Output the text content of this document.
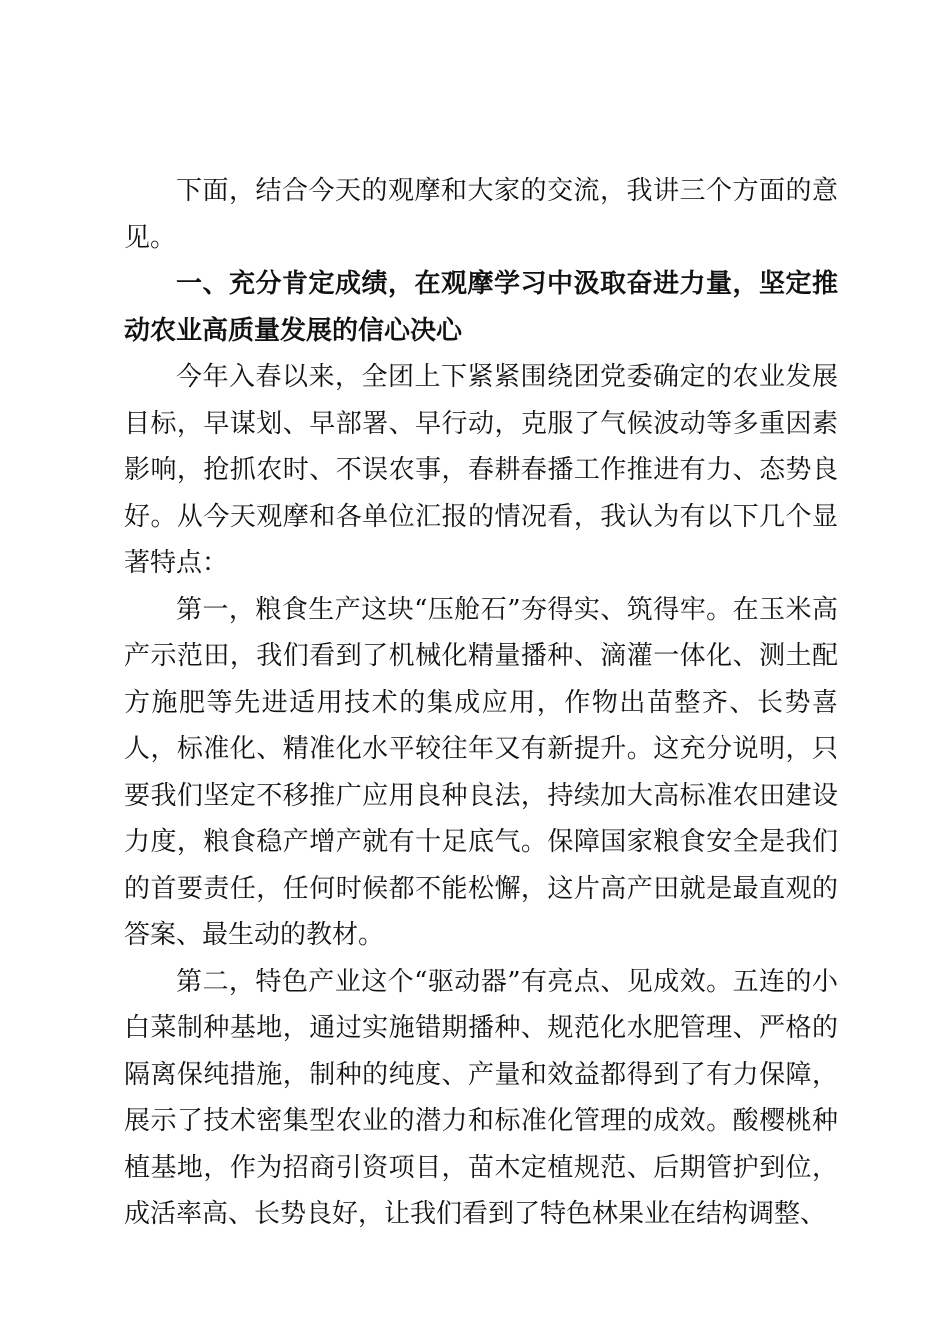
下面，结合今天的观摩和大家的交流，我讲三个方面的意见。

一、充分肯定成绩，在观摩学习中汲取奋进力量，坚定推动农业高质量发展的信心决心

今年入春以来，全团上下紧紧围绕团党委确定的农业发展目标，早谋划、早部署、早行动，克服了气候波动等多重因素影响，抢抓农时、不误农事，春耕春播工作推进有力、态势良好。从今天观摩和各单位汇报的情况看，我认为有以下几个显著特点：

第一，粮食生产这块“压舱石”夯得实、筑得牢。在玉米高产示范田，我们看到了机械化精量播种、滴灌一体化、测土配方施肥等先进适用技术的集成应用，作物出苗整齐、长势喜人，标准化、精准化水平较往年又有新提升。这充分说明，只要我们坚定不移推广应用良种良法，持续加大高标准农田建设力度，粮食稳产增产就有十足底气。保障国家粮食安全是我们的首要责任，任何时候都不能松懈，这片高产田就是最直观的答案、最生动的教材。

第二，特色产业这个“驱动器”有亮点、见成效。五连的小白菜制种基地，通过实施错期播种、规范化水肥管理、严格的隔离保纯措施，制种的纯度、产量和效益都得到了有力保障，展示了技术密集型农业的潜力和标准化管理的成效。酸樱桃种植基地，作为招商引资项目，苗木定植规范、后期管护到位，成活率高、长势良好，让我们看到了特色林果业在结构调整、
